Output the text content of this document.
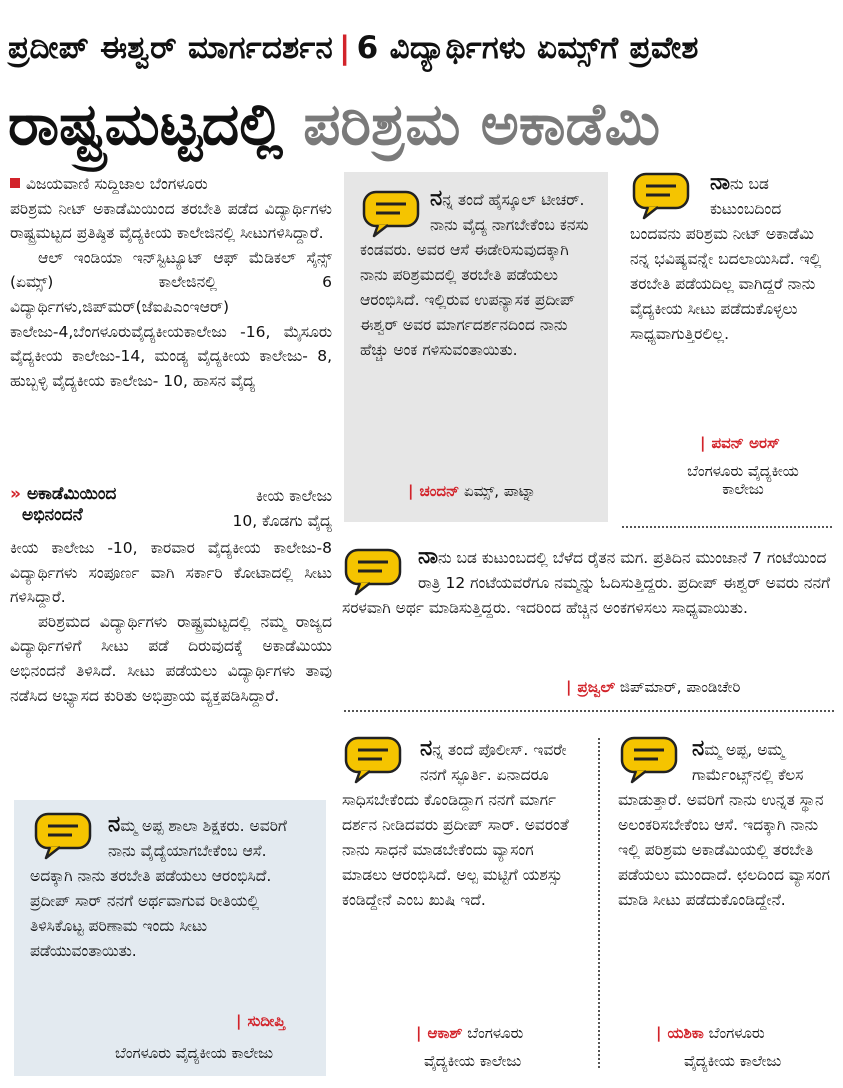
ಪ್ರದೀಪ್ ಈಶ್ವರ್ ಮಾರ್ಗದರ್ಶನ | 6 ವಿದ್ಯಾರ್ಥಿಗಳು ಏಮ್ಸ್‌ಗೆ ಪ್ರವೇಶ
ರಾಷ್ಟ್ರಮಟ್ಟದಲ್ಲಿ ಪರಿಶ್ರಮ ಅಕಾಡೆಮಿ

ವಿಜಯವಾಣಿ ಸುದ್ದಿಜಾಲ ಬೆಂಗಳೂರು

ಪರಿಶ್ರಮ ನೀಟ್ ಅಕಾಡೆಮಿಯಿಂದ ತರಬೇತಿ ಪಡೆದ ವಿದ್ಯಾರ್ಥಿಗಳು ರಾಷ್ಟ್ರಮಟ್ಟದ ಪ್ರತಿಷ್ಠಿತ ವೈದ್ಯಕೀಯ ಕಾಲೇಜಿನಲ್ಲಿ ಸೀಟುಗಳಿಸಿದ್ದಾರೆ.

ಆಲ್ ಇಂಡಿಯಾ ಇನ್‌ಸ್ಟಿಟ್ಯೂಟ್ ಆಫ್ ಮೆಡಿಕಲ್ ಸೈನ್ಸ್ (ಏಮ್ಸ್) ಕಾಲೇಜಿನಲ್ಲಿ 6 ವಿದ್ಯಾರ್ಥಿಗಳು,ಜಿಪ್‌ಮರ್(ಜೆಐಪಿಎಂಇಆರ್) ಕಾಲೇಜು-4,ಬೆಂಗಳೂರುವೈದ್ಯಕೀಯಕಾಲೇಜು -16, ಮೈಸೂರು ವೈದ್ಯಕೀಯ ಕಾಲೇಜು-14, ಮಂಡ್ಯ ವೈದ್ಯಕೀಯ ಕಾಲೇಜು- 8, ಹುಬ್ಬಳ್ಳಿ ವೈದ್ಯಕೀಯ ಕಾಲೇಜು- 10, ಹಾಸನ ವೈದ್ಯ

» ಅಕಾಡೆಮಿಯಿಂದ
ಅಭಿನಂದನೆ
ಕೀಯ ಕಾಲೇಜು
10, ಕೊಡಗು ವೈದ್ಯ

ಕೀಯ ಕಾಲೇಜು -10, ಕಾರವಾರ ವೈದ್ಯಕೀಯ ಕಾಲೇಜು-8 ವಿದ್ಯಾರ್ಥಿಗಳು ಸಂಪೂರ್ಣ ವಾಗಿ ಸರ್ಕಾರಿ ಕೋಟಾದಲ್ಲಿ ಸೀಟು ಗಳಿಸಿದ್ದಾರೆ.

ಪರಿಶ್ರಮದ ವಿದ್ಯಾರ್ಥಿಗಳು ರಾಷ್ಟ್ರಮಟ್ಟದಲ್ಲಿ ನಮ್ಮ ರಾಜ್ಯದ ವಿದ್ಯಾರ್ಥಿಗಳಿಗೆ ಸೀಟು ಪಡೆ ದಿರುವುದಕ್ಕೆ ಅಕಾಡೆಮಿಯು ಅಭಿನಂದನೆ ತಿಳಿಸಿದೆ. ಸೀಟು ಪಡೆಯಲು ವಿದ್ಯಾರ್ಥಿಗಳು ತಾವು ನಡೆಸಿದ ಅಭ್ಯಾಸದ ಕುರಿತು ಅಭಿಪ್ರಾಯ ವ್ಯಕ್ತಪಡಿಸಿದ್ದಾರೆ.

ನನ್ನ ತಂದೆ ಹೈಸ್ಕೂಲ್ ಟೀಚರ್. ನಾನು ವೈದ್ಯ ನಾಗಬೇಕೆಂಬ ಕನಸು ಕಂಡವರು. ಅವರ ಆಸೆ ಈಡೇರಿಸುವುದಕ್ಕಾಗಿ ನಾನು ಪರಿಶ್ರಮದಲ್ಲಿ ತರಬೇತಿ ಪಡೆಯಲು ಆರಂಭಿಸಿದೆ. ಇಲ್ಲಿರುವ ಉಪನ್ಯಾಸಕ ಪ್ರದೀಪ್ ಈಶ್ವರ್ ಅವರ ಮಾರ್ಗದರ್ಶನದಿಂದ ನಾನು ಹೆಚ್ಚು ಅಂಕ ಗಳಿಸುವಂತಾಯಿತು.
| ಚಂದನ್ ಏಮ್ಸ್, ಪಾಟ್ನಾ
ನಾನು ಬಡ ಕುಟುಂಬದಿಂದ ಬಂದವನು ಪರಿಶ್ರಮ ನೀಟ್ ಅಕಾಡೆಮಿ ನನ್ನ ಭವಿಷ್ಯವನ್ನೇ ಬದಲಾಯಿಸಿದೆ. ಇಲ್ಲಿ ತರಬೇತಿ ಪಡೆಯದಿಲ್ಲ ವಾಗಿದ್ದರೆ ನಾನು ವೈದ್ಯಕೀಯ ಸೀಟು ಪಡೆದುಕೊಳ್ಳಲು ಸಾಧ್ಯವಾಗುತ್ತಿರಲಿಲ್ಲ.
| ಪವನ್ ಅರಸ್
ಬೆಂಗಳೂರು ವೈದ್ಯಕೀಯ
ಕಾಲೇಜು
ನಾನು ಬಡ ಕುಟುಂಬದಲ್ಲಿ ಬೆಳೆದ ರೈತನ ಮಗ. ಪ್ರತಿದಿನ ಮುಂಜಾನೆ 7 ಗಂಟೆಯಿಂದ ರಾತ್ರಿ 12 ಗಂಟೆಯವರೆಗೂ ನಮ್ಮನ್ನು ಓದಿಸುತ್ತಿದ್ದರು. ಪ್ರದೀಪ್ ಈಶ್ವರ್ ಅವರು ನನಗೆ ಸರಳವಾಗಿ ಅರ್ಥ ಮಾಡಿಸುತ್ತಿದ್ದರು. ಇದರಿಂದ ಹೆಚ್ಚಿನ ಅಂಕಗಳಿಸಲು ಸಾಧ್ಯವಾಯಿತು.
| ಪ್ರಜ್ವಲ್ ಜಿಪ್‌ಮಾರ್, ಪಾಂಡಿಚೇರಿ
ನಮ್ಮ ಅಪ್ಪ ಶಾಲಾ ಶಿಕ್ಷಕರು. ಅವರಿಗೆ ನಾನು ವೈದ್ಯೆಯಾಗಬೇಕೆಂಬ ಆಸೆ. ಅದಕ್ಕಾಗಿ ನಾನು ತರಬೇತಿ ಪಡೆಯಲು ಆರಂಭಿಸಿದೆ. ಪ್ರದೀಪ್ ಸಾರ್ ನನಗೆ ಅರ್ಥವಾಗುವ ರೀತಿಯಲ್ಲಿ ತಿಳಿಸಿಕೊಟ್ಟ ಪರಿಣಾಮ ಇಂದು ಸೀಟು ಪಡೆಯುವಂತಾಯಿತು.
| ಸುದೀಪ್ತಿ
ಬೆಂಗಳೂರು ವೈದ್ಯಕೀಯ ಕಾಲೇಜು
ನನ್ನ ತಂದೆ ಪೊಲೀಸ್. ಇವರೇ ನನಗೆ ಸ್ಫೂರ್ತಿ. ಏನಾದರೂ ಸಾಧಿಸಬೇಕೆಂದು ಕೊಂಡಿದ್ದಾಗ ನನಗೆ ಮಾರ್ಗ ದರ್ಶನ ನೀಡಿದವರು ಪ್ರದೀಪ್ ಸಾರ್. ಅವರಂತೆ ನಾನು ಸಾಧನೆ ಮಾಡಬೇಕೆಂದು ವ್ಯಾಸಂಗ ಮಾಡಲು ಆರಂಭಿಸಿದೆ. ಅಲ್ಪ ಮಟ್ಟಿಗೆ ಯಶಸ್ಸು ಕಂಡಿದ್ದೇನೆ ಎಂಬ ಖುಷಿ ಇದೆ.
| ಆಕಾಶ್ ಬೆಂಗಳೂರು
ವೈದ್ಯಕೀಯ ಕಾಲೇಜು
ನಮ್ಮ ಅಪ್ಪ, ಅಮ್ಮ ಗಾರ್ಮೆಂಟ್ಸ್‌ನಲ್ಲಿ ಕೆಲಸ ಮಾಡುತ್ತಾರೆ. ಅವರಿಗೆ ನಾನು ಉನ್ನತ ಸ್ಥಾನ ಅಲಂಕರಿಸಬೇಕೆಂಬ ಆಸೆ. ಇದಕ್ಕಾಗಿ ನಾನು ಇಲ್ಲಿ ಪರಿಶ್ರಮ ಅಕಾಡೆಮಿಯಲ್ಲಿ ತರಬೇತಿ ಪಡೆಯಲು ಮುಂದಾದೆ. ಛಲದಿಂದ ವ್ಯಾಸಂಗ ಮಾಡಿ ಸೀಟು ಪಡೆದುಕೊಂಡಿದ್ದೇನೆ.
| ಯಶಿಕಾ ಬೆಂಗಳೂರು
ವೈದ್ಯಕೀಯ ಕಾಲೇಜು
